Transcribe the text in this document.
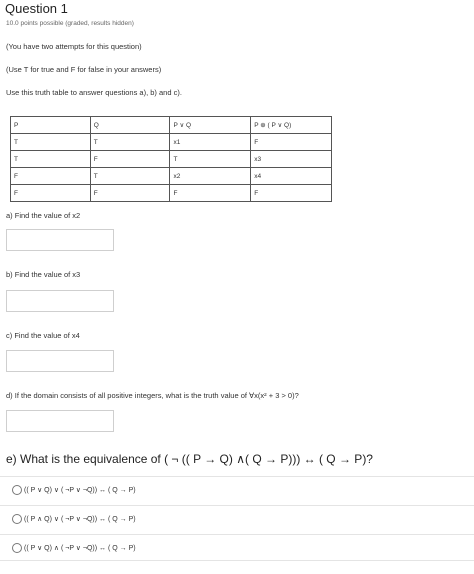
Question 1
10.0 points possible (graded, results hidden)
(You have two attempts for this question)
(Use T for true and F for false in your answers)
Use this truth table to answer questions a), b) and c).
P	Q	P ∨ Q	P ⊕ ( P ∨ Q)
T	T	x1	F
T	F	T	x3
F	T	x2	x4
F	F	F	F
a) Find the value of x2
b) Find the value of x3
c) Find the value of x4
d) If the domain consists of all positive integers, what is the truth value of ∀x(x² + 3 > 0)?
e) What is the equivalence of ( ¬ (( P → Q) ∧( Q → P))) ↔ ( Q → P)?
(( P ∨ Q) ∨ ( ¬P ∨ ¬Q)) ↔ ( Q → P)
(( P ∧ Q) ∨ ( ¬P ∨ ¬Q)) ↔ ( Q → P)
(( P ∨ Q) ∧ ( ¬P ∨ ¬Q)) ↔ ( Q → P)
